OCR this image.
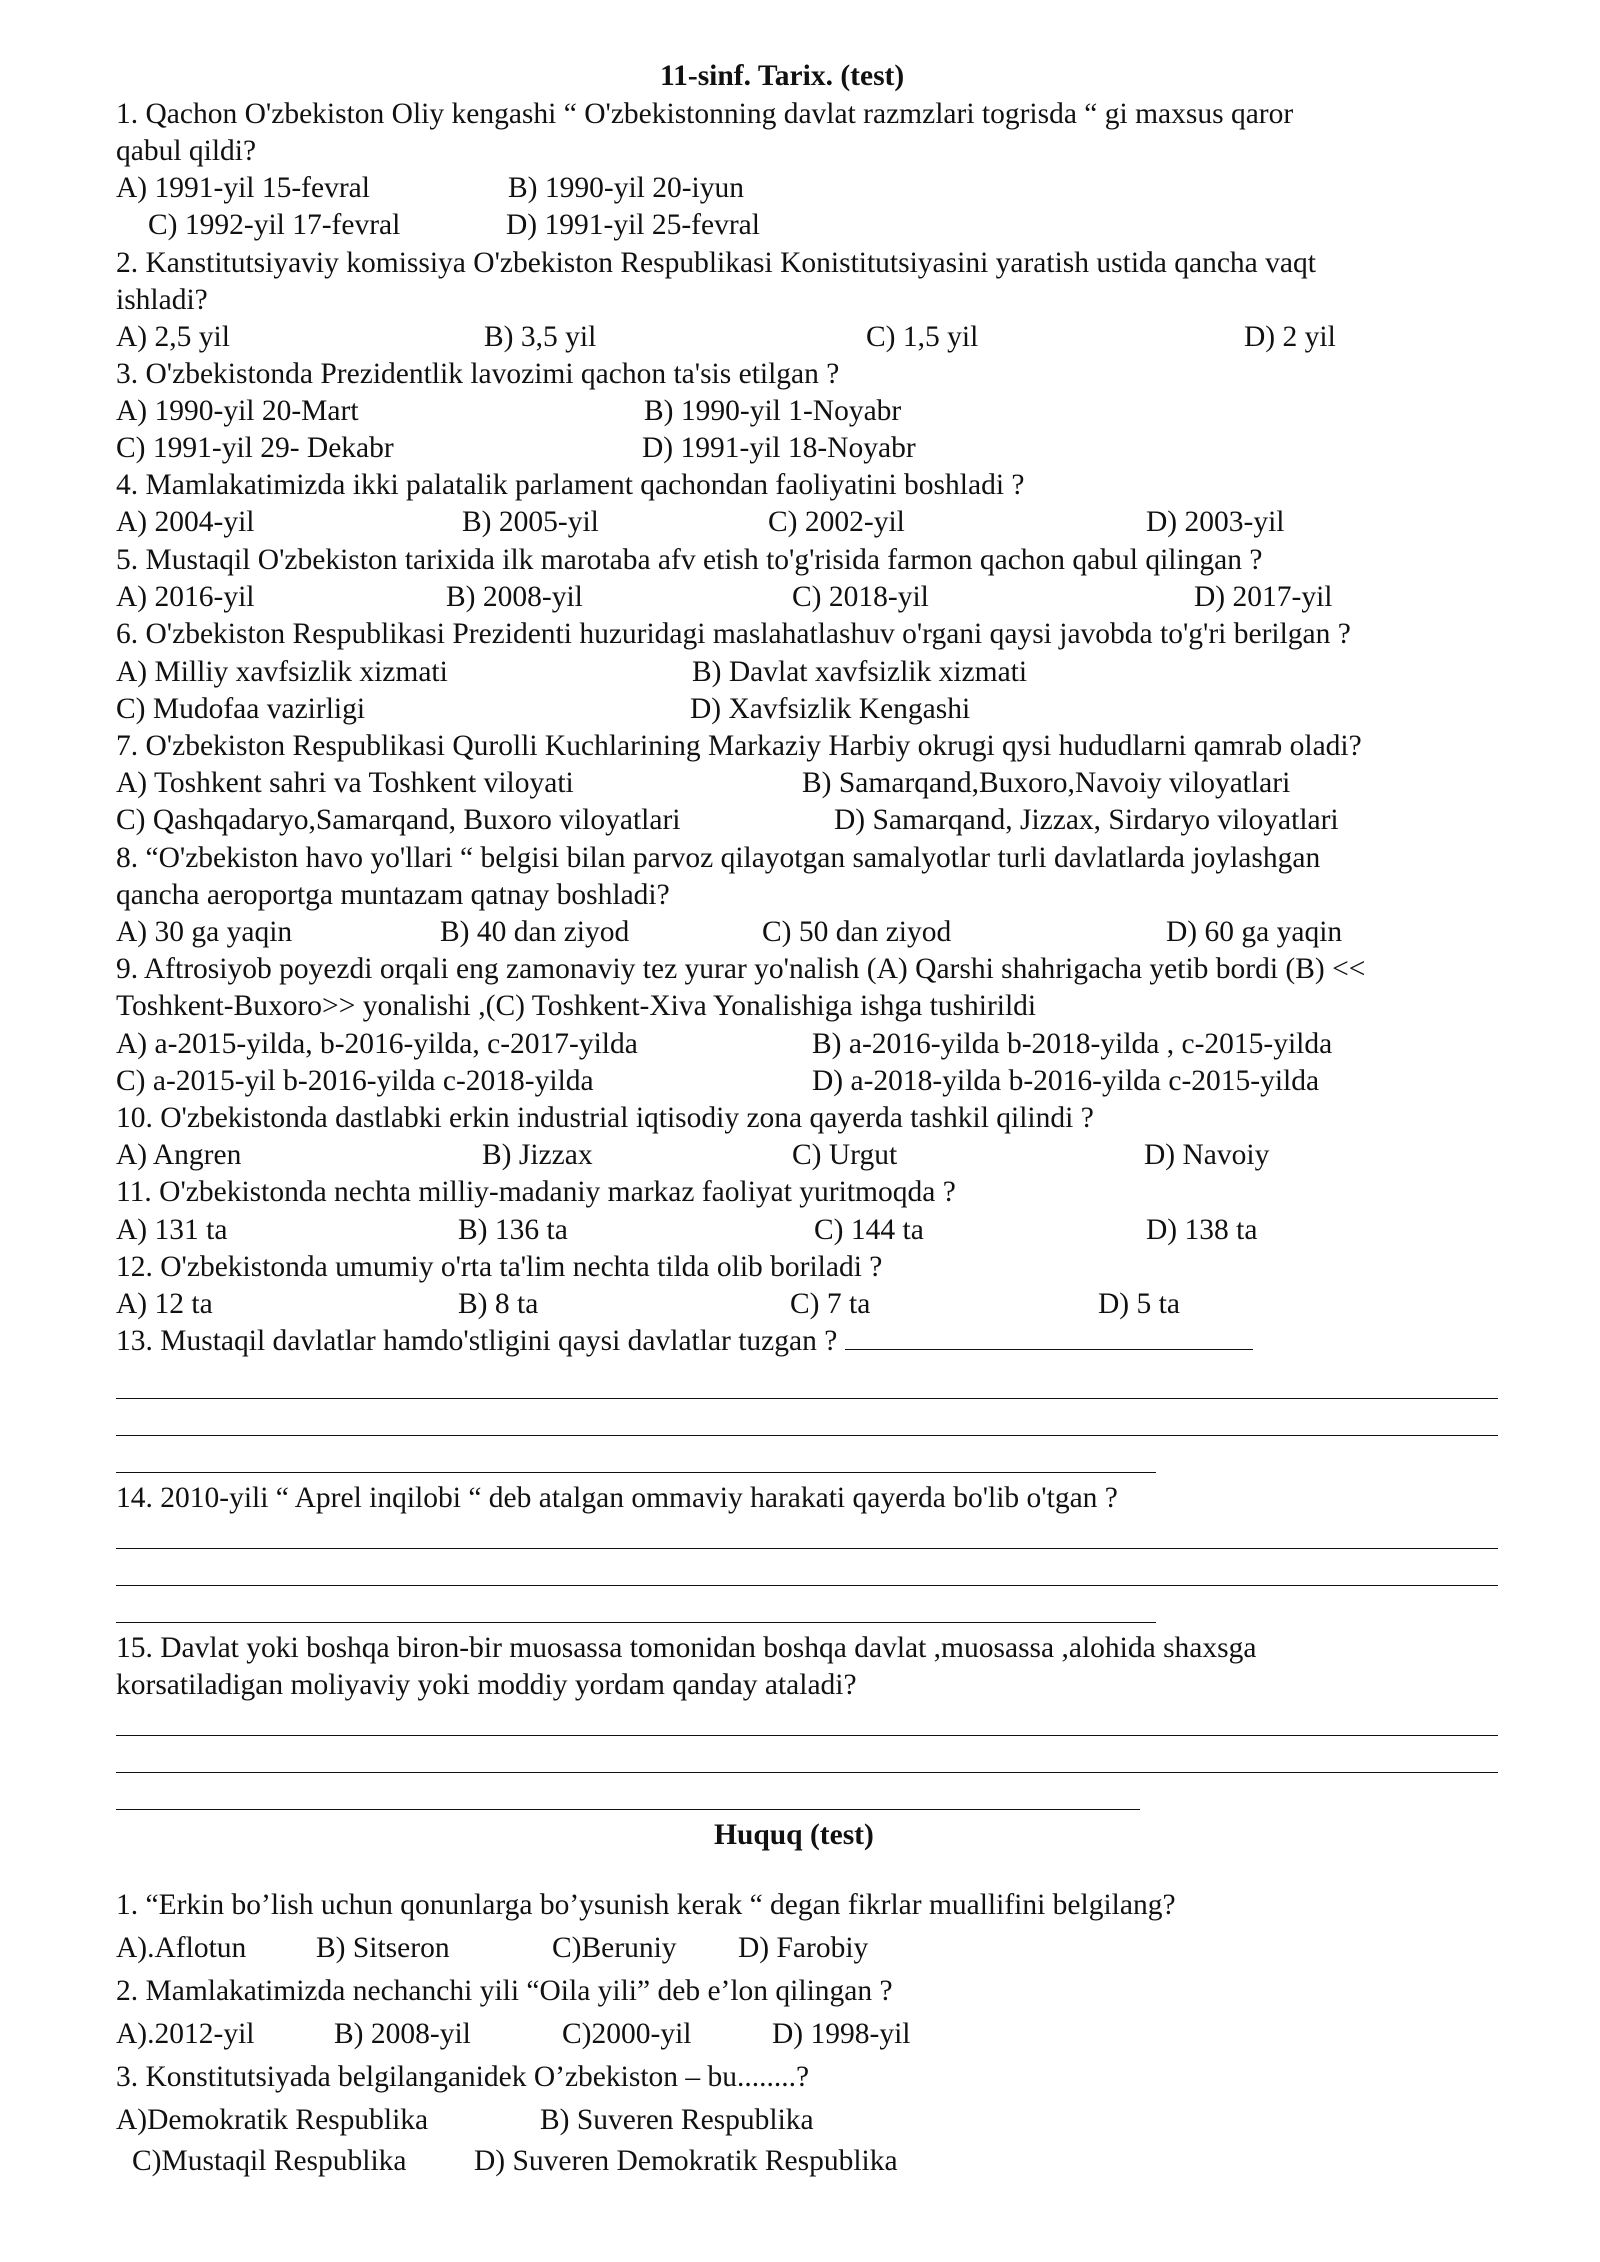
11-sinf. Tarix. (test)
1. Qachon O'zbekiston Oliy kengashi “ O'zbekistonning davlat razmzlari togrisda “ gi maxsus qaror
qabul qildi?
A) 1991-yil 15-fevral	B) 1990-yil 20-iyun
C) 1992-yil 17-fevral	D) 1991-yil 25-fevral
2. Kanstitutsiyaviy komissiya O'zbekiston Respublikasi Konistitutsiyasini yaratish ustida qancha vaqt
ishladi?
A) 2,5 yil	B) 3,5 yil	C) 1,5 yil	D) 2 yil
3. O'zbekistonda Prezidentlik lavozimi qachon ta'sis etilgan ?
A) 1990-yil 20-Mart	B) 1990-yil 1-Noyabr
C) 1991-yil 29- Dekabr	D) 1991-yil 18-Noyabr
4. Mamlakatimizda ikki palatalik parlament qachondan faoliyatini boshladi ?
A) 2004-yil	B) 2005-yil	C) 2002-yil	D) 2003-yil
5. Mustaqil O'zbekiston tarixida ilk marotaba afv etish to'g'risida farmon qachon qabul qilingan ?
A) 2016-yil	B) 2008-yil	C) 2018-yil	D) 2017-yil
6. O'zbekiston Respublikasi Prezidenti huzuridagi maslahatlashuv o'rgani qaysi javobda to'g'ri berilgan ?
A) Milliy xavfsizlik xizmati	B) Davlat xavfsizlik xizmati
C) Mudofaa vazirligi	D) Xavfsizlik Kengashi
7. O'zbekiston Respublikasi Qurolli Kuchlarining Markaziy Harbiy okrugi qysi hududlarni qamrab oladi?
A) Toshkent sahri va Toshkent viloyati	B) Samarqand,Buxoro,Navoiy viloyatlari
C) Qashqadaryo,Samarqand, Buxoro viloyatlari	D) Samarqand, Jizzax, Sirdaryo viloyatlari
8. “O'zbekiston havo yo'llari “ belgisi bilan parvoz qilayotgan samalyotlar turli davlatlarda joylashgan
qancha aeroportga muntazam qatnay boshladi?
A) 30 ga yaqin	B) 40 dan ziyod	C) 50 dan ziyod	D) 60 ga yaqin
9. Aftrosiyob poyezdi orqali eng zamonaviy tez yurar yo'nalish (A) Qarshi shahrigacha yetib bordi (B) <<
Toshkent-Buxoro>> yonalishi ,(C) Toshkent-Xiva Yonalishiga ishga tushirildi
A) a-2015-yilda, b-2016-yilda, c-2017-yilda	B) a-2016-yilda b-2018-yilda , c-2015-yilda
C) a-2015-yil b-2016-yilda c-2018-yilda	D) a-2018-yilda b-2016-yilda c-2015-yilda
10. O'zbekistonda dastlabki erkin industrial iqtisodiy zona qayerda tashkil qilindi ?
A) Angren	B) Jizzax	C) Urgut	D) Navoiy
11. O'zbekistonda nechta milliy-madaniy markaz faoliyat yuritmoqda ?
A) 131 ta	B) 136 ta	C) 144 ta	D) 138 ta
12. O'zbekistonda umumiy o'rta ta'lim nechta tilda olib boriladi ?
A) 12 ta	B) 8 ta	C) 7 ta	D) 5 ta
13. Mustaqil davlatlar hamdo'stligini qaysi davlatlar tuzgan ?
14. 2010-yili “ Aprel inqilobi “ deb atalgan ommaviy harakati qayerda bo'lib o'tgan ?
15. Davlat yoki boshqa biron-bir muosassa tomonidan boshqa davlat ,muosassa ,alohida shaxsga
korsatiladigan moliyaviy yoki moddiy yordam qanday ataladi?
Huquq (test)
1. “Erkin bo’lish uchun qonunlarga bo’ysunish kerak “ degan fikrlar muallifini belgilang?
A).Aflotun B) Sitseron	C)Beruniy D) Farobiy
2. Mamlakatimizda nechanchi yili “Oila yili” deb e’lon qilingan ?
A).2012-yil	B) 2008-yil	C)2000-yil	D) 1998-yil
3. Konstitutsiyada belgilanganidek O’zbekiston – bu........?
A)Demokratik Respublika	B) Suveren Respublika
C)Mustaqil Respublika D) Suveren Demokratik Respublika
